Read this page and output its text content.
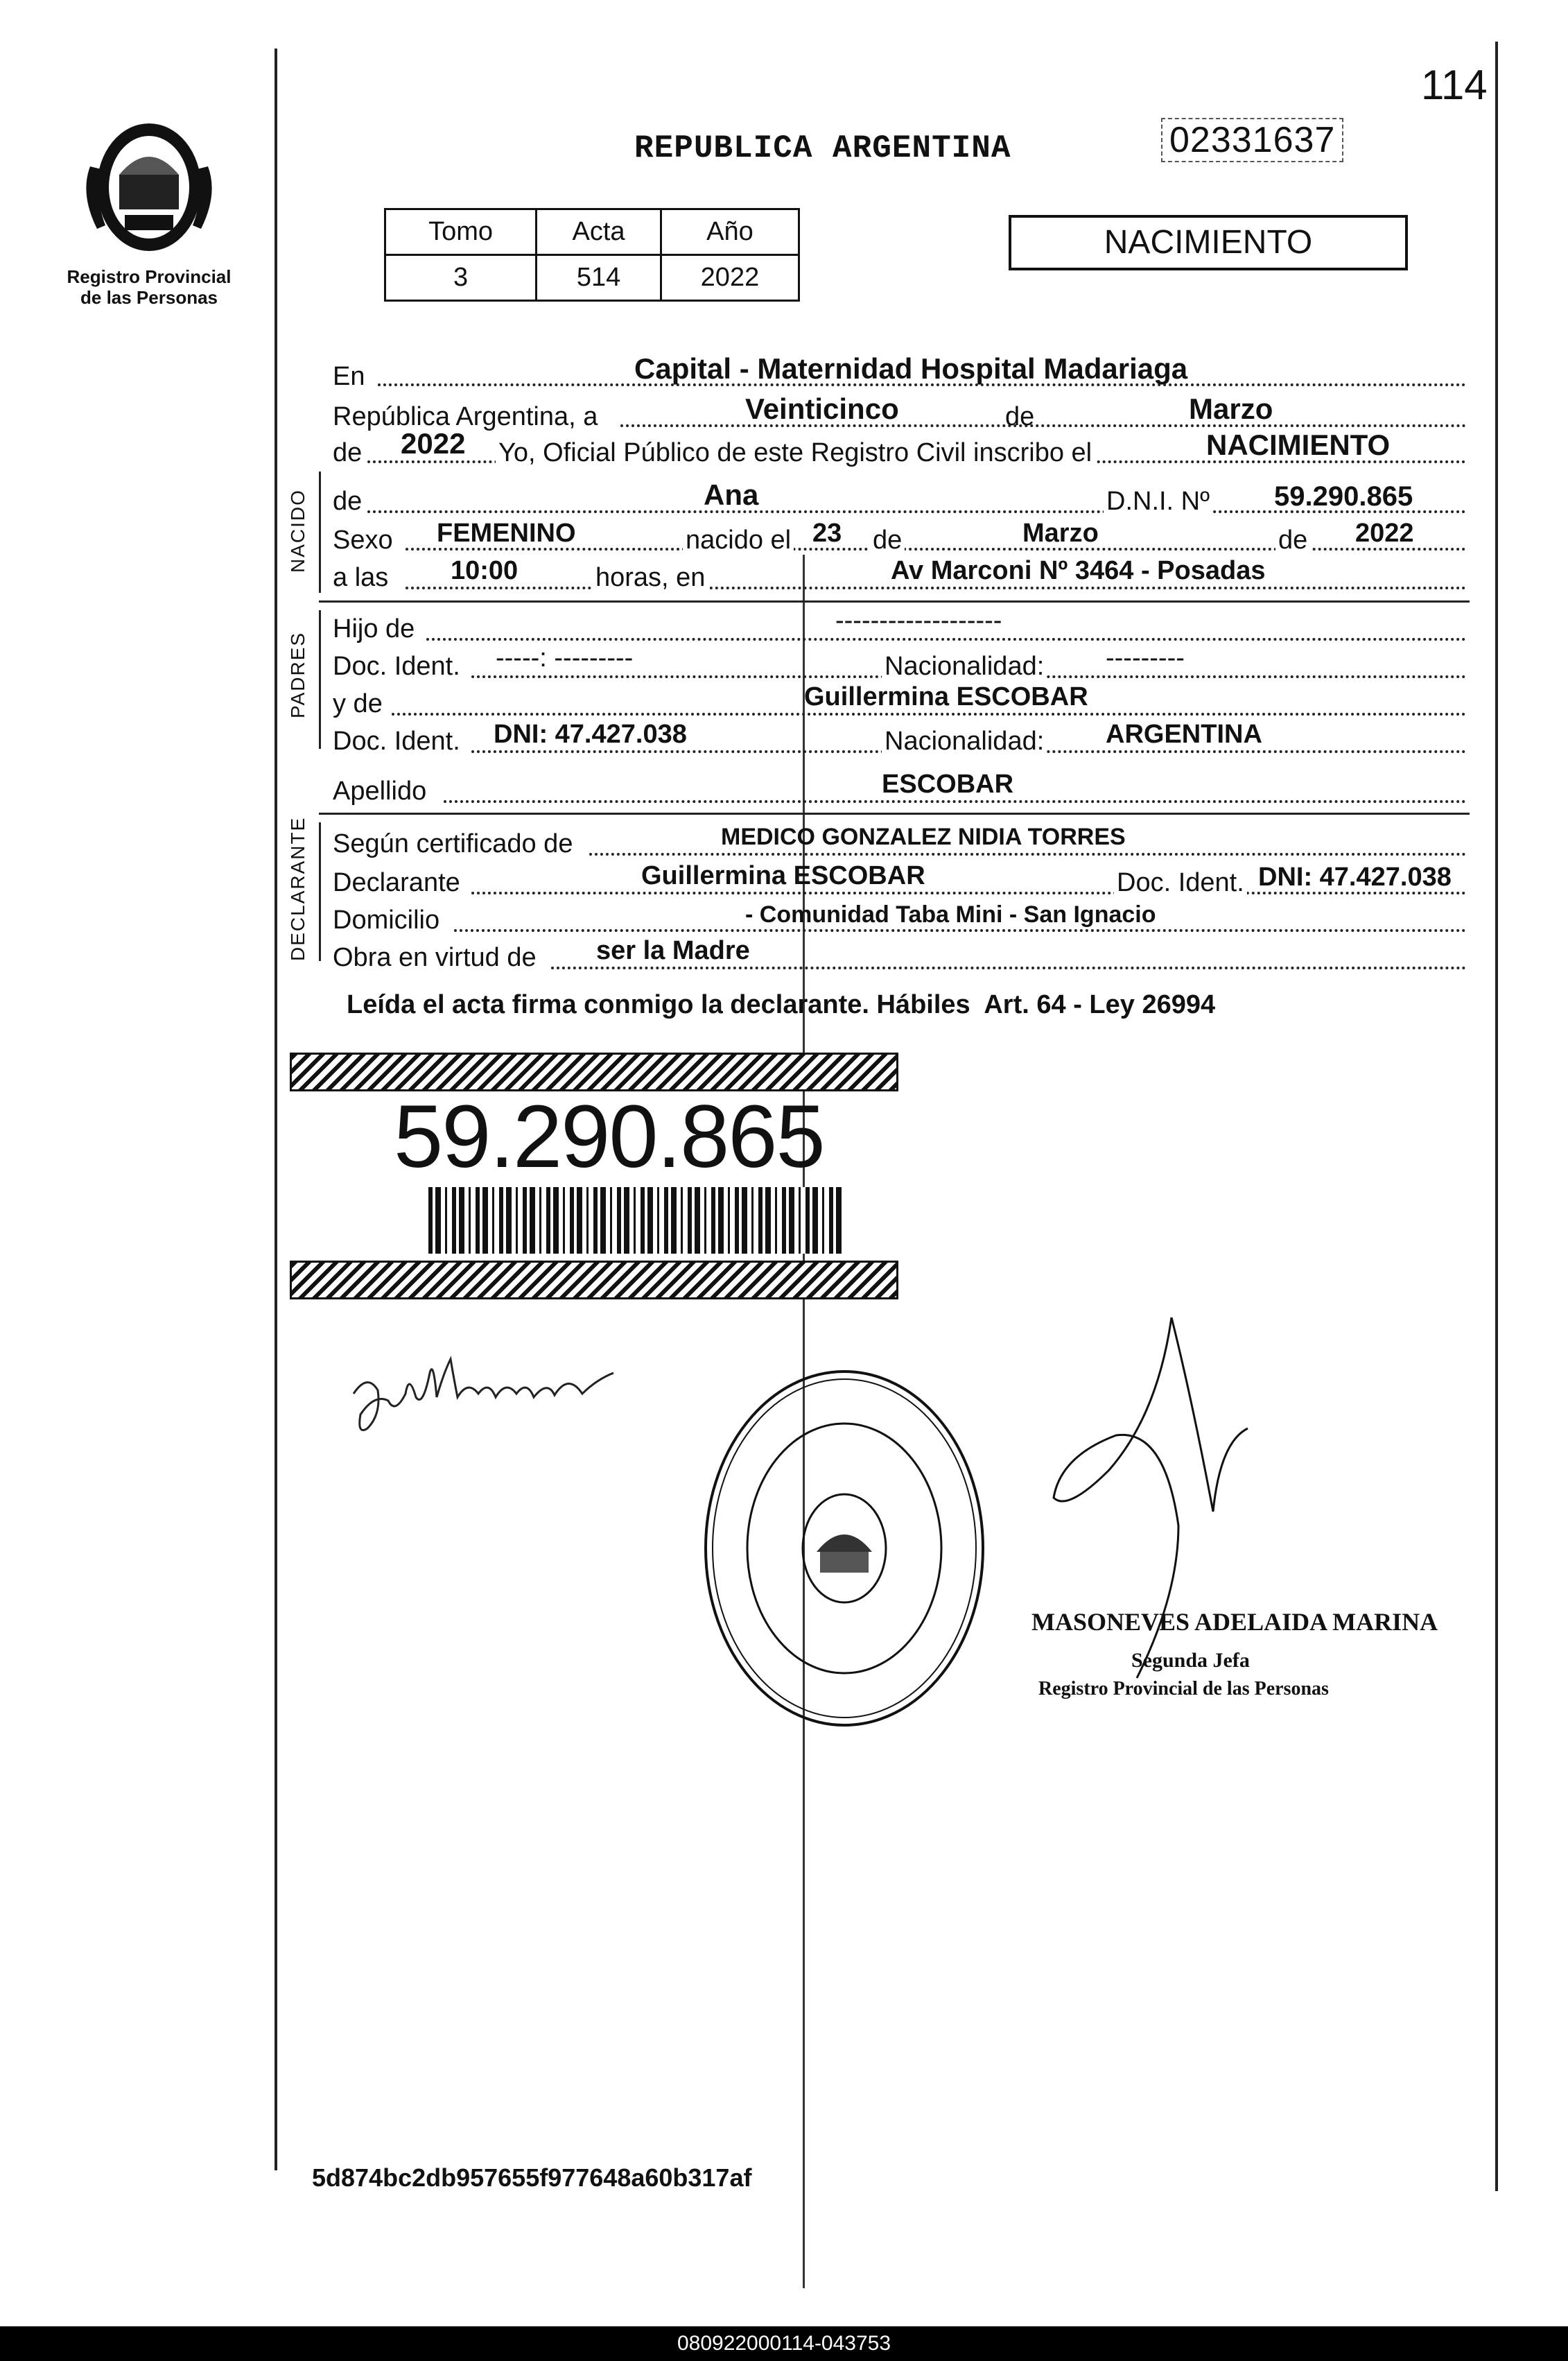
114
Registro Provincial de las Personas
REPUBLICA ARGENTINA	02331637
Tomo	Acta	Año
3	514	2022
NACIMIENTO
En	Capital - Maternidad Hospital Madariaga
República Argentina, a	Veinticinco	de	Marzo
de 2022 Yo, Oficial Público de este Registro Civil inscribo el	NACIMIENTO
NACIDO de	Ana	D.N.I. Nº 59.290.865
Sexo FEMENINO	nacido el 23 de	Marzo	de 2022
a las 10:00	horas, en	Av Marconi Nº 3464 - Posadas
PADRES
Hijo de	-------------------
Doc. Ident. -----: ---------	Nacionalidad: ---------
y de	Guillermina ESCOBAR
Doc. Ident. DNI: 47.427.038	Nacionalidad: ARGENTINA
Apellido	ESCOBAR
DECLARANTE Según certificado de	MEDICO GONZALEZ NIDIA TORRES
Declarante	Guillermina ESCOBAR	Doc. Ident. DNI: 47.427.038
Domicilio	- Comunidad Taba Mini - San Ignacio
Obra en virtud de ser la Madre
Leída el acta firma conmigo la declarante. Hábiles  Art. 64 - Ley 26994
59.290.865
MASONEVES ADELAIDA MARINA
Segunda Jefa
Registro Provincial de las Personas
5d874bc2db957655f977648a60b317af
080922000114-043753
